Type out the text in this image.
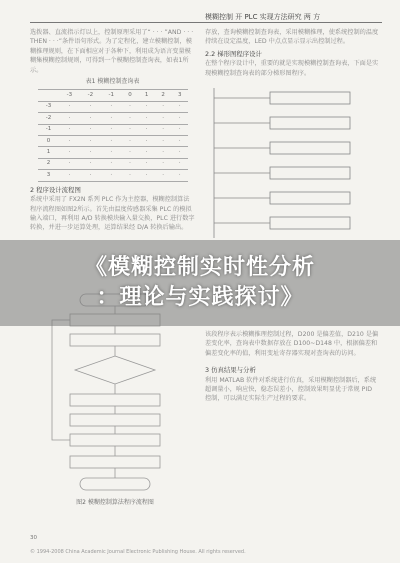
模糊控制 开 PLC 实现方法研究 两 方
选拨器、直流指示灯以上，控制原理采用了“ · · · ”AND · · · THEN · · ·”条件语句形式。为了定程化，建立模糊控制，模糊推理规则，在下面相应对于各种下，利用成为语言变量模糊集模糊控制规则，可得到一个模糊控制查询表，如表1所示。
表1 模糊控制查询表
	-3	-2	-1	0	1	2	3
-3	·	·	·	·	·	·	·
-2	·	·	·	·	·	·	·
-1	·	·	·	·	·	·	·
0	·	·	·	·	·	·	·
1	·	·	·	·	·	·	·
2	·	·	·	·	·	·	·
3	·	·	·	·	·	·	·
2 程序设计流程图
系统中采用了 FX2N 系列 PLC 作为主控器，模糊控制算法程序流程图如图2所示。首先由温度传感器采集 PLC 的模拟输入端口，再利用 A/D 转换模块输入量交换，PLC 进行数字转换，并进一步运算处理，运算结果经 D/A 转换后输出。
图2 模糊控制算法程序流程图
存放，查询模糊控制查询表，采用模糊推理，使系统控制的温度持续在设定温度，LED 中点点显示显示出控制过程。
2.2 梯形图程序设计
在整个程序设计中，重要的就是实现模糊控制查询表，下面是实现模糊控制查询表的部分梯形图程序。
该段程序表示模糊推理控制过程，D200 是偏差值，D210 是偏差变化率，查询表中数据存放在 D100~D148 中，根据偏差和偏差变化率的值，利用变址寄存器实现对查询表的访问。
3 仿真结果与分析
利用 MATLAB 软件对系统进行仿真，采用模糊控制器后，系统超调量小，响应快，稳态误差小，控制效果明显优于常规 PID 控制，可以满足实际生产过程的要求。
30
© 1994-2008 China Academic Journal Electronic Publishing House. All rights reserved.
《模糊控制实时性分析
：理论与实践探讨》
